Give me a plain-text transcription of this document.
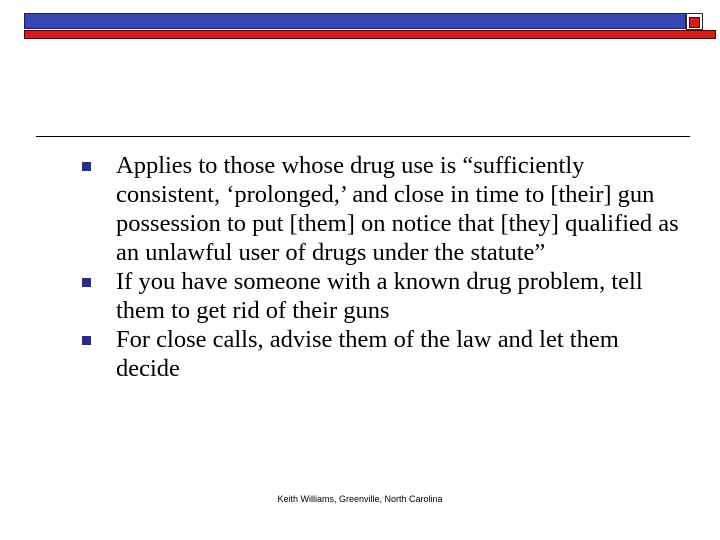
Applies to those whose drug use is “sufficiently consistent, ‘prolonged,’ and close in time to [their] gun possession to put [them] on notice that [they] qualified as an unlawful user of drugs under the statute”
If you have someone with a known drug problem, tell them to get rid of their guns
For close calls, advise them of the law and let them decide
Keith Williams, Greenville, North Carolina
